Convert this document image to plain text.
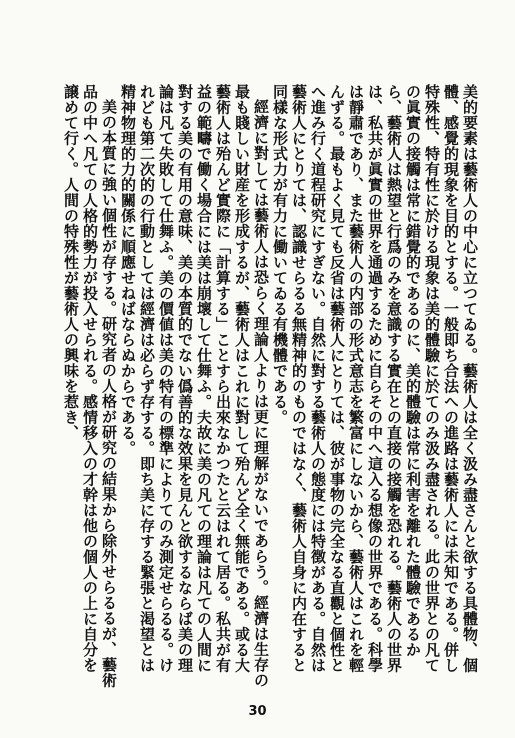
美的要素は藝術人の中心に立つてゐる。藝術人は全く汲み盡さんと欲する具體物、個體、感覺的現象を目的とする。一般即ち合法への進路は藝術人には未知である。併し特殊性、特有性に於ける現象は美的體驗に於てのみ汲み盡される。此の世界との凡ての眞實の接觸は常に錯覺的であるのに、美的體驗は常に利害を離れた體驗であるから、藝術人は熱望と行爲のみを意識する實在との直接の接觸を恐れる。藝術人の世界は、私共が眞實の世界を通過するために自らその中へ這入る想像の世界である。科學は靜肅であり、また藝術人の内部の形式意志を繁富にしないから、藝術人はこれを輕んずる。最もよく見ても反省は藝術人にとりては、彼が事物の完全なる直觀と個性とへ進み行く道程研究にすぎない。自然に對する藝術人の態度には特徴がある。自然は藝術人にとりては、認識せらるる無精神的のものではなく、藝術人自身に内在すると同樣な形式力が有力に働いてゐる有機體である。

經濟に對しては藝術人は恐らく理論人よりは更に理解がないであらう。經濟は生存の最も賤しい財産を形成するが、藝術人はこれに對して殆んど全く無能である。或る大藝術人は殆んど實際に「計算する」ことすら出來なかつたと云はれて居る。私共が有益の範疇で働く場合には美は崩壞して仕舞ふ。夫故に美の凡ての理論は凡ての人間に對する美の有用の意味、美の本質的でない僞善的な效果を見んと欲するならば美の理論は凡て失敗して仕舞ふ。美の價値は美の特有の標準によりてのみ測定せらるる。けれども第二次的の行動としては經濟は必らず存する。即ち美に存する緊張と渇望とは精神物理的力的關係に順應せねばならぬからである。

美の本質に強い個性が存する。研究者の人格が研究の結果から除外せらるるが、藝術品の中へ凡ての人格的勢力が投入せられる。感情移入の才幹は他の個人の上に自分を譲めて行く。人間の特殊性が藝術人の興味を惹き、

30
